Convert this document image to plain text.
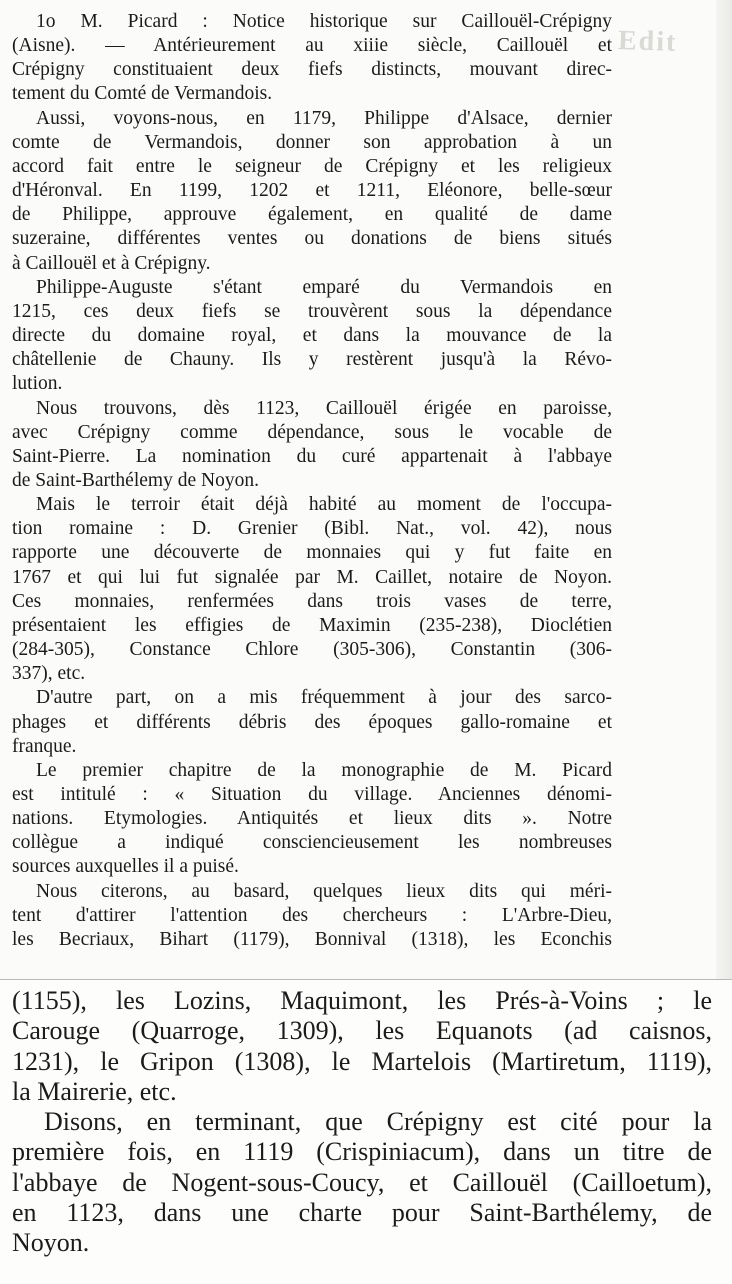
Edit
1o M. Picard : Notice historique sur Caillouël-Crépigny
(Aisne). — Antérieurement au xiiie siècle, Caillouël et
Crépigny constituaient deux fiefs distincts, mouvant direc-
tement du Comté de Vermandois.
Aussi, voyons-nous, en 1179, Philippe d'Alsace, dernier
comte de Vermandois, donner son approbation à un
accord fait entre le seigneur de Crépigny et les religieux
d'Héronval. En 1199, 1202 et 1211, Eléonore, belle-sœur
de Philippe, approuve également, en qualité de dame
suzeraine, différentes ventes ou donations de biens situés
à Caillouël et à Crépigny.
Philippe-Auguste s'étant emparé du Vermandois en
1215, ces deux fiefs se trouvèrent sous la dépendance
directe du domaine royal, et dans la mouvance de la
châtellenie de Chauny. Ils y restèrent jusqu'à la Révo-
lution.
Nous trouvons, dès 1123, Caillouël érigée en paroisse,
avec Crépigny comme dépendance, sous le vocable de
Saint-Pierre. La nomination du curé appartenait à l'abbaye
de Saint-Barthélemy de Noyon.
Mais le terroir était déjà habité au moment de l'occupa-
tion romaine : D. Grenier (Bibl. Nat., vol. 42), nous
rapporte une découverte de monnaies qui y fut faite en
1767 et qui lui fut signalée par M. Caillet, notaire de Noyon.
Ces monnaies, renfermées dans trois vases de terre,
présentaient les effigies de Maximin (235-238), Dioclétien
(284-305), Constance Chlore (305-306), Constantin (306-
337), etc.
D'autre part, on a mis fréquemment à jour des sarco-
phages et différents débris des époques gallo-romaine et
franque.
Le premier chapitre de la monographie de M. Picard
est intitulé : « Situation du village. Anciennes dénomi-
nations. Etymologies. Antiquités et lieux dits ». Notre
collègue a indiqué consciencieusement les nombreuses
sources auxquelles il a puisé.
Nous citerons, au basard, quelques lieux dits qui méri-
tent d'attirer l'attention des chercheurs : L'Arbre-Dieu,
les Becriaux, Bihart (1179), Bonnival (1318), les Econchis
(1155), les Lozins, Maquimont, les Prés-à-Voins ; le
Carouge (Quarroge, 1309), les Equanots (ad caisnos,
1231), le Gripon (1308), le Martelois (Martiretum, 1119),
la Mairerie, etc.
Disons, en terminant, que Crépigny est cité pour la
première fois, en 1119 (Crispiniacum), dans un titre de
l'abbaye de Nogent-sous-Coucy, et Caillouël (Cailloetum),
en 1123, dans une charte pour Saint-Barthélemy, de
Noyon.
